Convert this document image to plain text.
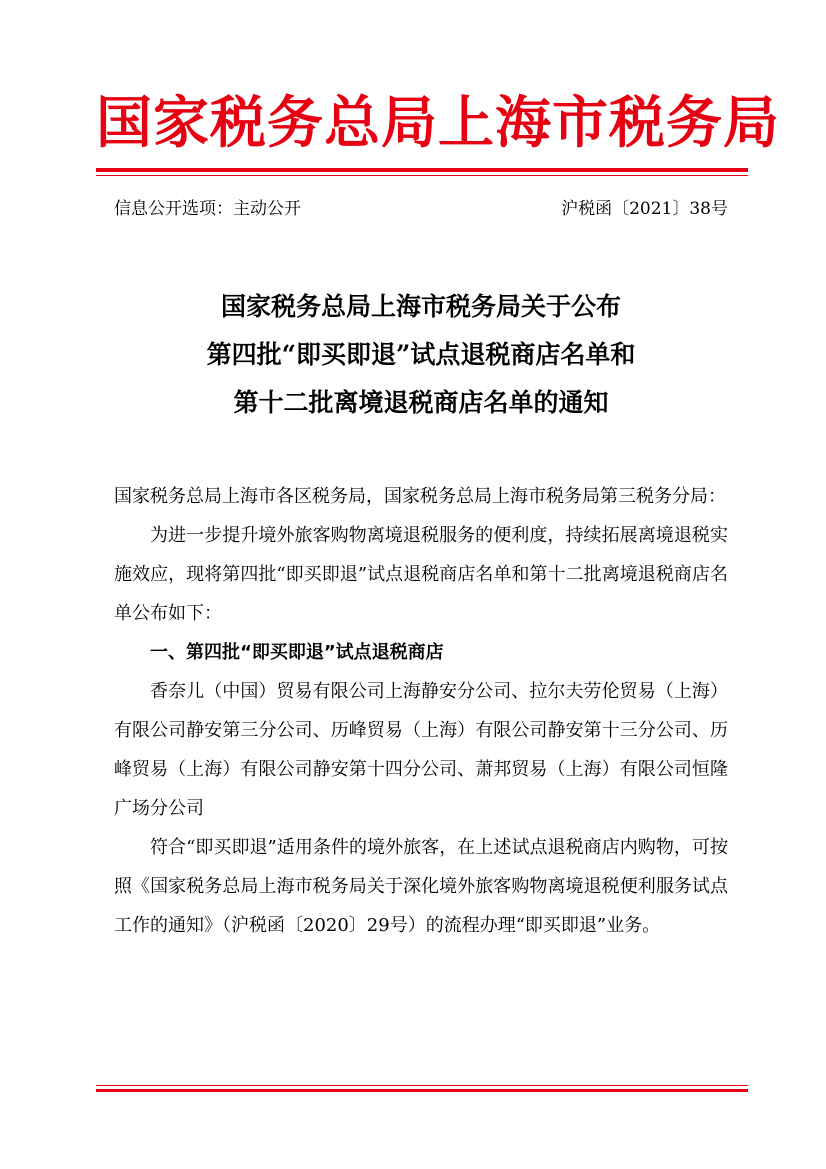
国家税务总局上海市税务局
信息公开选项：主动公开	沪税函〔2021〕38号
国家税务总局上海市税务局关于公布
第四批“即买即退”试点退税商店名单和
第十二批离境退税商店名单的通知

国家税务总局上海市各区税务局，国家税务总局上海市税务局第三税务分局：

为进一步提升境外旅客购物离境退税服务的便利度，持续拓展离境退税实施效应，现将第四批“即买即退”试点退税商店名单和第十二批离境退税商店名单公布如下：

一、第四批“即买即退”试点退税商店

香奈儿（中国）贸易有限公司上海静安分公司、拉尔夫劳伦贸易（上海）有限公司静安第三分公司、历峰贸易（上海）有限公司静安第十三分公司、历峰贸易（上海）有限公司静安第十四分公司、萧邦贸易（上海）有限公司恒隆广场分公司

符合“即买即退”适用条件的境外旅客，在上述试点退税商店内购物，可按照《国家税务总局上海市税务局关于深化境外旅客购物离境退税便利服务试点工作的通知》（沪税函〔2020〕29号）的流程办理“即买即退”业务。
